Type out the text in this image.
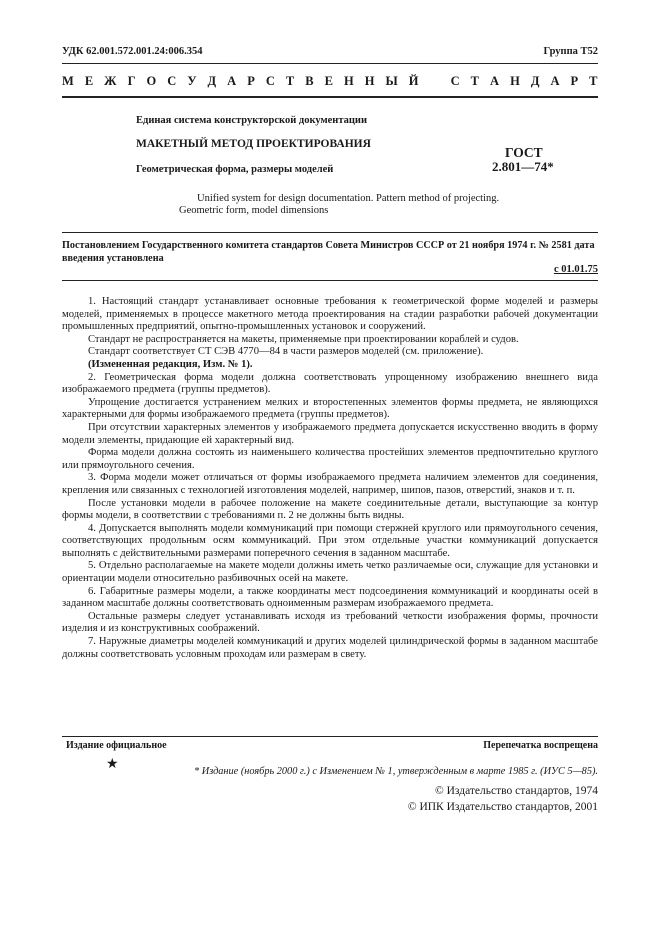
УДК 62.001.572.001.24:006.354	Группа Т52
М Е Ж Г О С У Д А Р С Т В Е Н Н Ы Й   С Т А Н Д А Р Т
Единая система конструкторской документации
МАКЕТНЫЙ МЕТОД ПРОЕКТИРОВАНИЯ
Геометрическая форма, размеры моделей
Unified system for design documentation. Pattern method of projecting.
Geometric form, model dimensions
ГОСТ
2.801—74*
Постановлением Государственного комитета стандартов Совета Министров СССР от 21 ноября 1974 г. № 2581 дата введения установлена
с 01.01.75

1. Настоящий стандарт устанавливает основные требования к геометрической форме моделей и размеры моделей, применяемых в процессе макетного метода проектирования на стадии разработки рабочей документации промышленных предприятий, опытно-промышленных установок и сооружений.

Стандарт не распространяется на макеты, применяемые при проектировании кораблей и судов.

Стандарт соответствует СТ СЭВ 4770—84 в части размеров моделей (см. приложение).

(Измененная редакция, Изм. № 1).

2. Геометрическая форма модели должна соответствовать упрощенному изображению внешнего вида изображаемого предмета (группы предметов).

Упрощение достигается устранением мелких и второстепенных элементов формы предмета, не являющихся характерными для формы изображаемого предмета (группы предметов).

При отсутствии характерных элементов у изображаемого предмета допускается искусственно вводить в форму модели элементы, придающие ей характерный вид.

Форма модели должна состоять из наименьшего количества простейших элементов предпочтительно круглого или прямоугольного сечения.

3. Форма модели может отличаться от формы изображаемого предмета наличием элементов для соединения, крепления или связанных с технологией изготовления моделей, например, шипов, пазов, отверстий, знаков и т. п.

После установки модели в рабочее положение на макете соединительные детали, выступающие за контур формы модели, в соответствии с требованиями п. 2 не должны быть видны.

4. Допускается выполнять модели коммуникаций при помощи стержней круглого или прямоугольного сечения, соответствующих продольным осям коммуникаций. При этом отдельные участки коммуникаций допускается выполнять с действительными размерами поперечного сечения в заданном масштабе.

5. Отдельно располагаемые на макете модели должны иметь четко различаемые оси, служащие для установки и ориентации модели относительно разбивочных осей на макете.

6. Габаритные размеры модели, а также координаты мест подсоединения коммуникаций и координаты осей в заданном масштабе должны соответствовать одноименным размерам изображаемого предмета.

Остальные размеры следует устанавливать исходя из требований четкости изображения формы, прочности изделия и из конструктивных соображений.

7. Наружные диаметры моделей коммуникаций и других моделей цилиндрической формы в заданном масштабе должны соответствовать условным проходам или размерам в свету.

Издание официальное	Перепечатка воспрещена
★	* Издание (ноябрь 2000 г.) с Изменением № 1, утвержденным в марте 1985 г. (ИУС 5—85).
© Издательство стандартов, 1974
© ИПК Издательство стандартов, 2001
